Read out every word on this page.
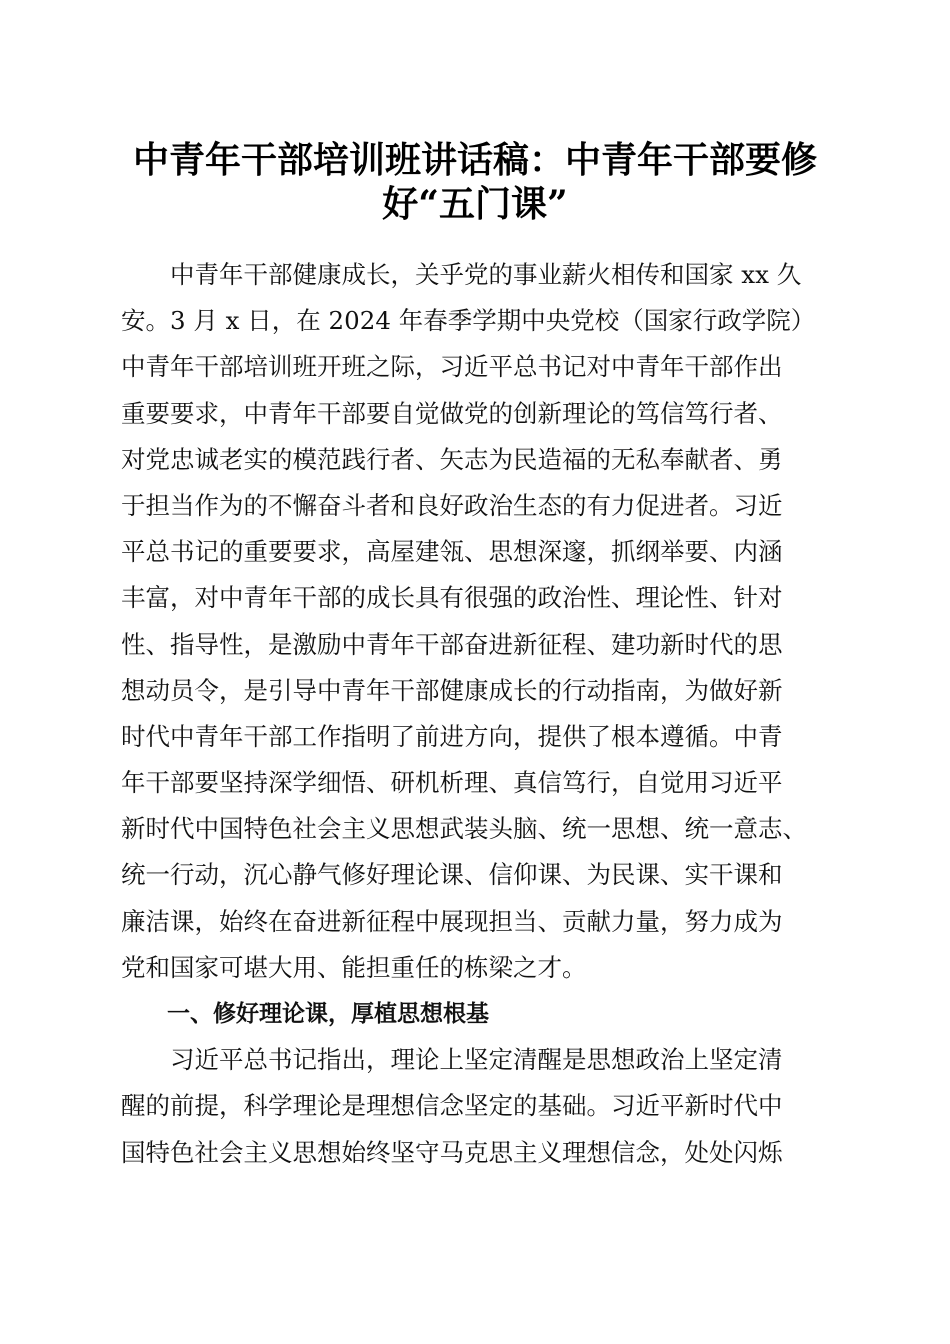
中青年干部培训班讲话稿：中青年干部要修
好“五门课”
　　中青年干部健康成长，关乎党的事业薪火相传和国家 xx 久
安。3 月 x 日，在 2024 年春季学期中央党校（国家行政学院）
中青年干部培训班开班之际，习近平总书记对中青年干部作出
重要要求，中青年干部要自觉做党的创新理论的笃信笃行者、
对党忠诚老实的模范践行者、矢志为民造福的无私奉献者、勇
于担当作为的不懈奋斗者和良好政治生态的有力促进者。习近
平总书记的重要要求，高屋建瓴、思想深邃，抓纲举要、内涵
丰富，对中青年干部的成长具有很强的政治性、理论性、针对
性、指导性，是激励中青年干部奋进新征程、建功新时代的思
想动员令，是引导中青年干部健康成长的行动指南，为做好新
时代中青年干部工作指明了前进方向，提供了根本遵循。中青
年干部要坚持深学细悟、研机析理、真信笃行，自觉用习近平
新时代中国特色社会主义思想武装头脑、统一思想、统一意志、
统一行动，沉心静气修好理论课、信仰课、为民课、实干课和
廉洁课，始终在奋进新征程中展现担当、贡献力量，努力成为
党和国家可堪大用、能担重任的栋梁之才。
　　一、修好理论课，厚植思想根基
　　习近平总书记指出，理论上坚定清醒是思想政治上坚定清
醒的前提，科学理论是理想信念坚定的基础。习近平新时代中
国特色社会主义思想始终坚守马克思主义理想信念，处处闪烁
